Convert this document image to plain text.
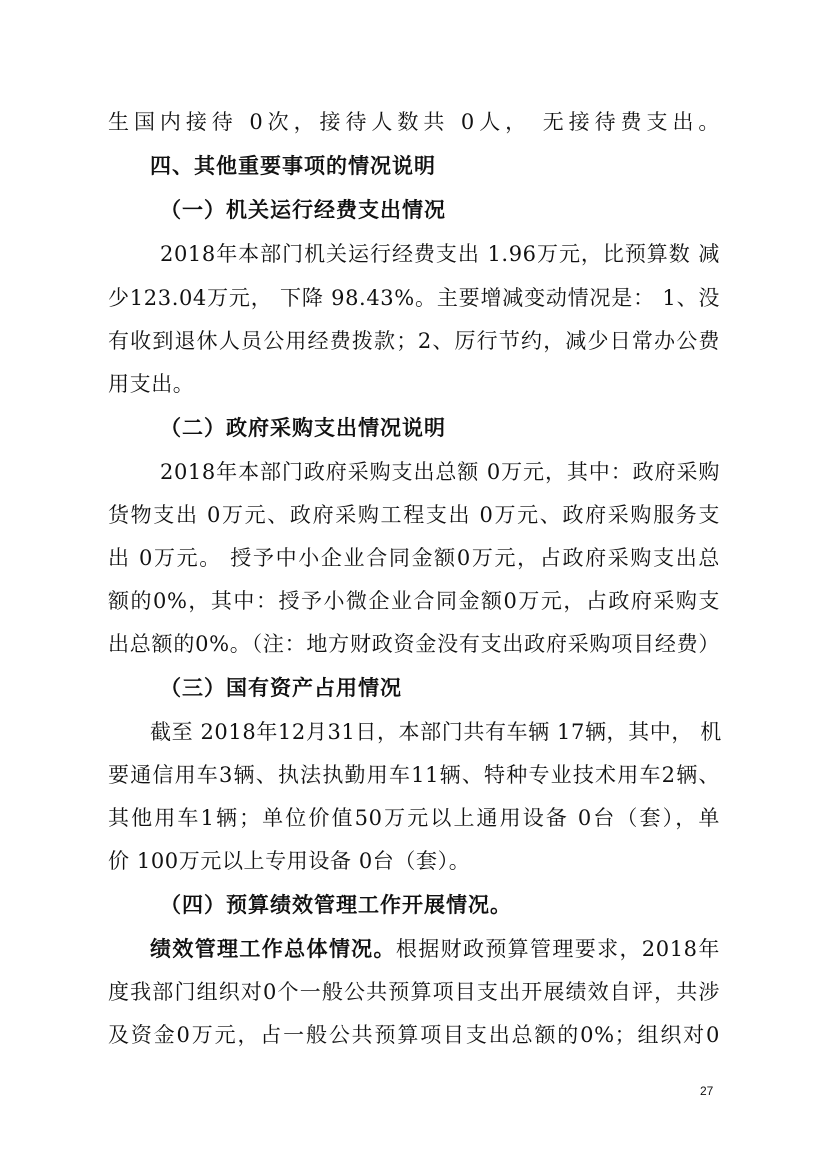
生国内接待 0次，接待人数共 0人， 无接待费支出。
四、其他重要事项的情况说明
（一）机关运行经费支出情况
2018年本部门机关运行经费支出 1.96万元，比预算数 减
少123.04万元， 下降 98.43%。主要增减变动情况是： 1、没
有收到退休人员公用经费拨款；2、厉行节约，减少日常办公费
用支出。
（二）政府采购支出情况说明
2018年本部门政府采购支出总额 0万元，其中：政府采购
货物支出 0万元、政府采购工程支出 0万元、政府采购服务支
出 0万元。 授予中小企业合同金额0万元，占政府采购支出总
额的0%，其中：授予小微企业合同金额0万元，占政府采购支
出总额的0%。（注：地方财政资金没有支出政府采购项目经费）
（三）国有资产占用情况
截至 2018年12月31日，本部门共有车辆 17辆，其中， 机
要通信用车3辆、执法执勤用车11辆、特种专业技术用车2辆、
其他用车1辆；单位价值50万元以上通用设备 0台（套），单
价 100万元以上专用设备 0台（套）。
（四）预算绩效管理工作开展情况。
绩效管理工作总体情况。根据财政预算管理要求，2018年
度我部门组织对0个一般公共预算项目支出开展绩效自评，共涉
及资金0万元，占一般公共预算项目支出总额的0%；组织对0
27
